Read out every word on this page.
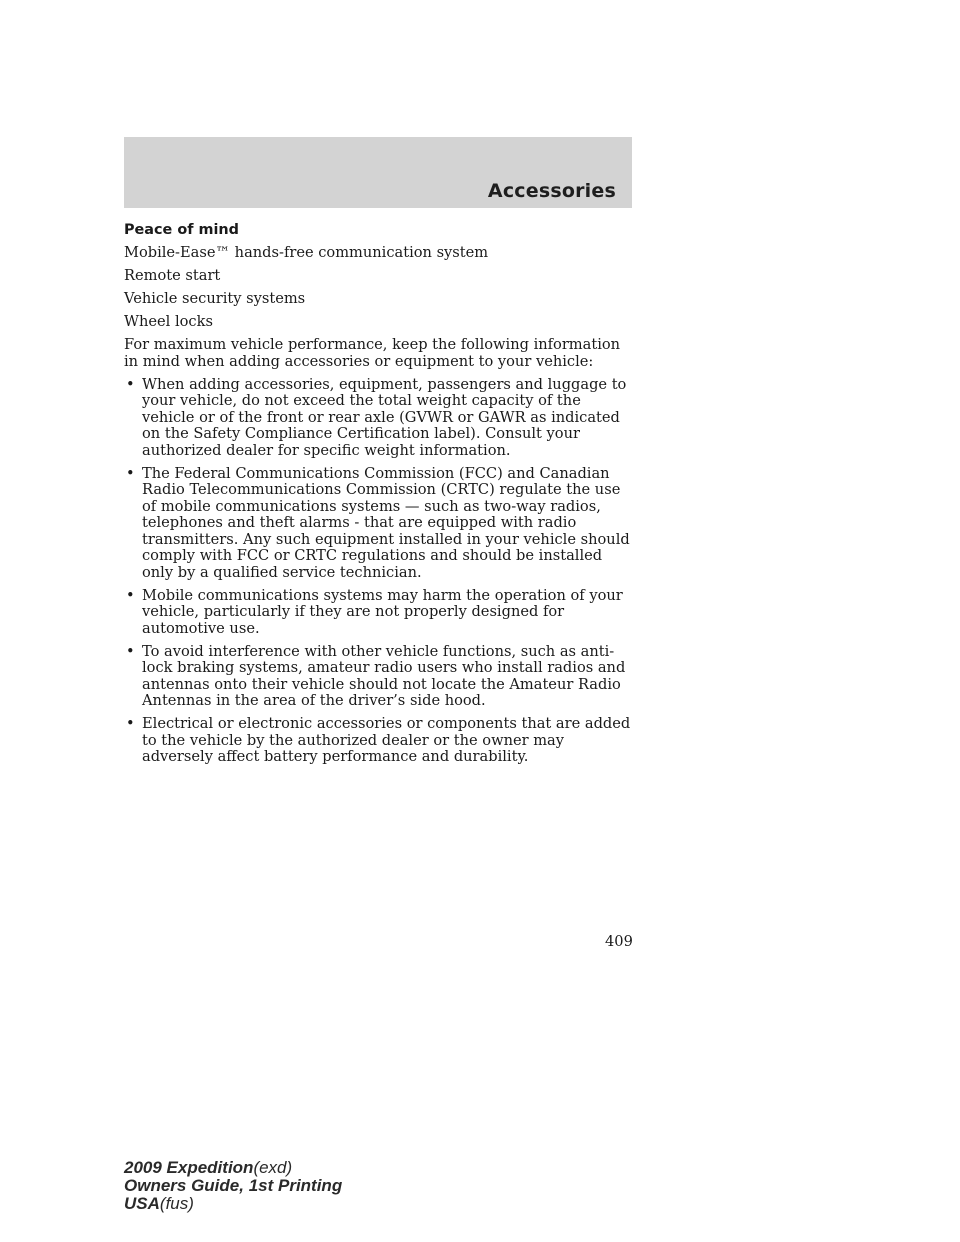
Accessories
Peace of mind
Mobile-Ease™ hands-free communication system
Remote start
Vehicle security systems
Wheel locks
For maximum vehicle performance, keep the following information in mind when adding accessories or equipment to your vehicle:
• When adding accessories, equipment, passengers and luggage to your vehicle, do not exceed the total weight capacity of the vehicle or of the front or rear axle (GVWR or GAWR as indicated on the Safety Compliance Certification label). Consult your authorized dealer for specific weight information.
• The Federal Communications Commission (FCC) and Canadian Radio Telecommunications Commission (CRTC) regulate the use of mobile communications systems — such as two-way radios, telephones and theft alarms - that are equipped with radio transmitters. Any such equipment installed in your vehicle should comply with FCC or CRTC regulations and should be installed only by a qualified service technician.
• Mobile communications systems may harm the operation of your vehicle, particularly if they are not properly designed for automotive use.
• To avoid interference with other vehicle functions, such as anti-lock braking systems, amateur radio users who install radios and antennas onto their vehicle should not locate the Amateur Radio Antennas in the area of the driver’s side hood.
• Electrical or electronic accessories or components that are added to the vehicle by the authorized dealer or the owner may adversely affect battery performance and durability.
409
2009 Expedition(exd)
Owners Guide, 1st Printing
USA(fus)
